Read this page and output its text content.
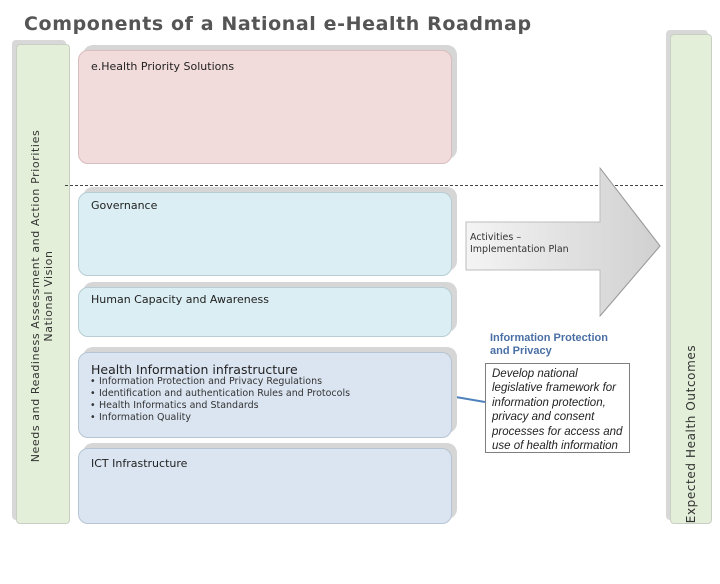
Components of a National e-Health Roadmap
Needs and Readiness Assessment and Action Priorities National Vision
Expected Health Outcomes
e.Health Priority Solutions
Activities –
Implementation Plan
Governance
Human Capacity and Awareness
Health Information infrastructure
• Information Protection and Privacy Regulations
• Identification and authentication Rules and Protocols
• Health Informatics and Standards
• Information Quality
ICT Infrastructure
Information Protection
and Privacy
Develop national
legislative framework for
information protection,
privacy and consent
processes for access and
use of health information
